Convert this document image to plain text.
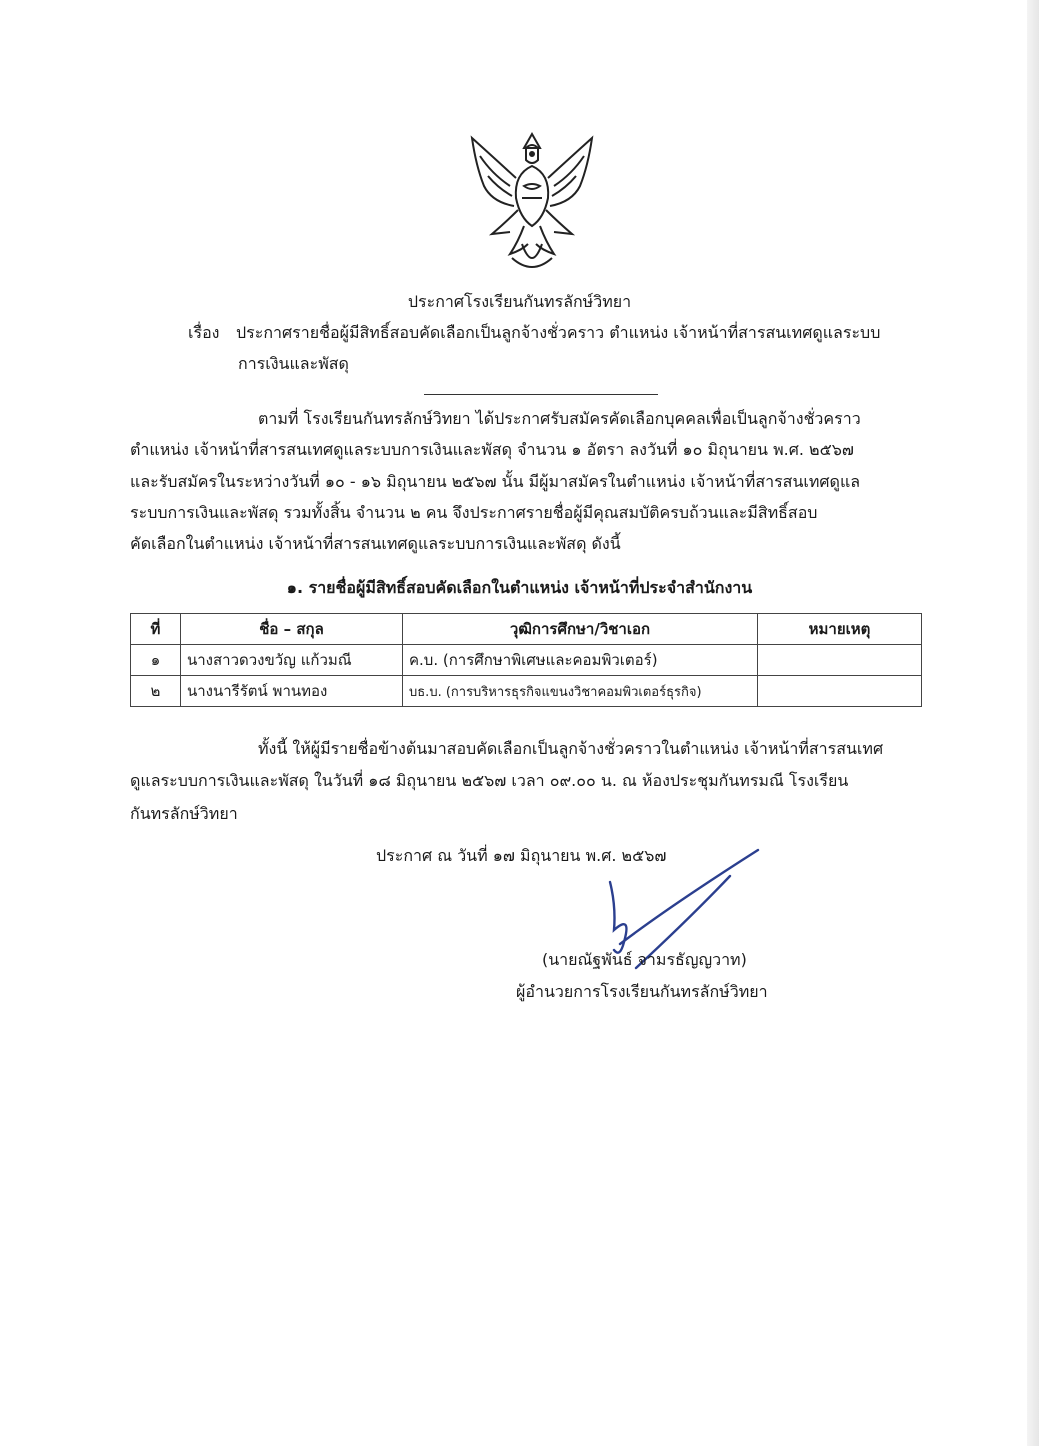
ประกาศโรงเรียนกันทรลักษ์วิทยา
เรื่อง ประกาศรายชื่อผู้มีสิทธิ์สอบคัดเลือกเป็นลูกจ้างชั่วคราว ตำแหน่ง เจ้าหน้าที่สารสนเทศดูแลระบบ
การเงินและพัสดุ
ตามที่ โรงเรียนกันทรลักษ์วิทยา ได้ประกาศรับสมัครคัดเลือกบุคคลเพื่อเป็นลูกจ้างชั่วคราว
ตำแหน่ง เจ้าหน้าที่สารสนเทศดูแลระบบการเงินและพัสดุ จำนวน ๑ อัตรา ลงวันที่ ๑๐ มิถุนายน พ.ศ. ๒๕๖๗
และรับสมัครในระหว่างวันที่ ๑๐ - ๑๖ มิถุนายน ๒๕๖๗ นั้น มีผู้มาสมัครในตำแหน่ง เจ้าหน้าที่สารสนเทศดูแล
ระบบการเงินและพัสดุ รวมทั้งสิ้น จำนวน ๒ คน จึงประกาศรายชื่อผู้มีคุณสมบัติครบถ้วนและมีสิทธิ์สอบ
คัดเลือกในตำแหน่ง เจ้าหน้าที่สารสนเทศดูแลระบบการเงินและพัสดุ ดังนี้
๑. รายชื่อผู้มีสิทธิ์สอบคัดเลือกในตำแหน่ง เจ้าหน้าที่ประจำสำนักงาน
ที่	ชื่อ – สกุล	วุฒิการศึกษา/วิชาเอก	หมายเหตุ
๑	นางสาวดวงขวัญ แก้วมณี	ค.บ. (การศึกษาพิเศษและคอมพิวเตอร์)	
๒	นางนารีรัตน์ พานทอง	บธ.บ. (การบริหารธุรกิจแขนงวิชาคอมพิวเตอร์ธุรกิจ)	
ทั้งนี้ ให้ผู้มีรายชื่อข้างต้นมาสอบคัดเลือกเป็นลูกจ้างชั่วคราวในตำแหน่ง เจ้าหน้าที่สารสนเทศ
ดูแลระบบการเงินและพัสดุ ในวันที่ ๑๘ มิถุนายน ๒๕๖๗ เวลา ๐๙.๐๐ น. ณ ห้องประชุมกันทรมณี โรงเรียน
กันทรลักษ์วิทยา
ประกาศ ณ วันที่ ๑๗ มิถุนายน พ.ศ. ๒๕๖๗
(นายณัฐพันธ์ จามรธัญญวาท)
ผู้อำนวยการโรงเรียนกันทรลักษ์วิทยา
